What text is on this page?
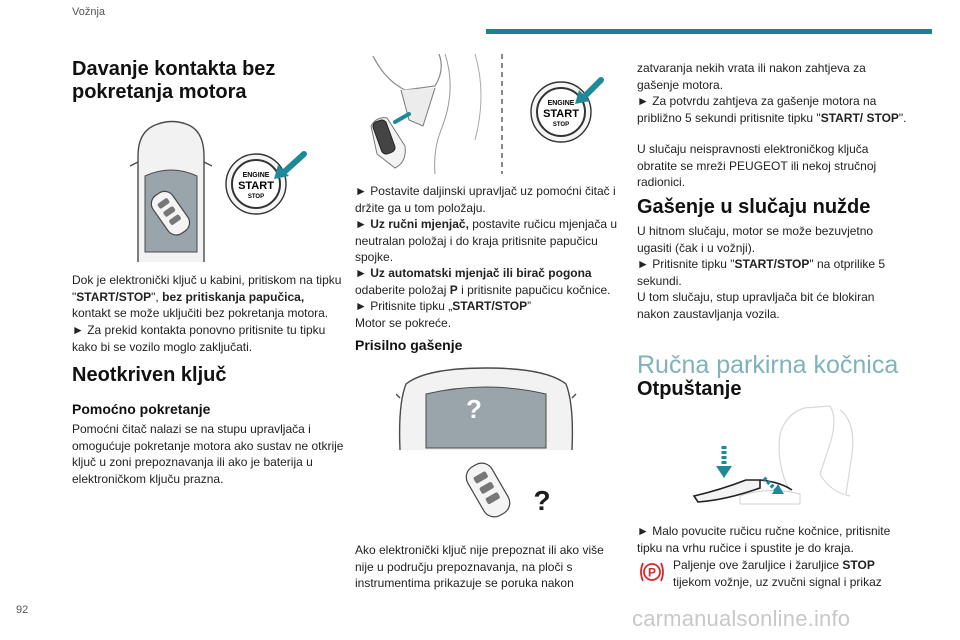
Vožnja
92	carmanualsonline.info
Davanje kontakta bez pokretanja motora
ENGINE
START
STOP

Dok je elektronički ključ u kabini, pritiskom na tipku "START/STOP", bez pritiskanja papučica, kontakt se može uključiti bez pokretanja motora.

► Za prekid kontakta ponovno pritisnite tu tipku kako bi se vozilo moglo zaključati.

Neotkriven ključ
Pomoćno pokretanje

Pomoćni čitač nalazi se na stupu upravljača i omogućuje pokretanje motora ako sustav ne otkrije ključ u zoni prepoznavanja ili ako je baterija u elektroničkom ključu prazna.

ENGINE
START
STOP

► Postavite daljinski upravljač uz pomoćni čitač i držite ga u tom položaju.

► Uz ručni mjenjač, postavite ručicu mjenjača u neutralan položaj i do kraja pritisnite papučicu spojke.

► Uz automatski mjenjač ili birač pogona odaberite položaj P i pritisnite papučicu kočnice.

► Pritisnite tipku „START/STOP”

Motor se pokreće.

Prisilno gašenje
?
?

Ako elektronički ključ nije prepoznat ili ako više nije u području prepoznavanja, na ploči s instrumentima prikazuje se poruka nakon

zatvaranja nekih vrata ili nakon zahtjeva za gašenje motora.

► Za potvrdu zahtjeva za gašenje motora na približno 5 sekundi pritisnite tipku "START/ STOP".

U slučaju neispravnosti elektroničkog ključa obratite se mreži PEUGEOT ili nekoj stručnoj radionici.

Gašenje u slučaju nužde

U hitnom slučaju, motor se može bezuvjetno ugasiti (čak i u vožnji).

► Pritisnite tipku "START/STOP" na otprilike 5 sekundi.

U tom slučaju, stup upravljača bit će blokiran nakon zaustavljanja vozila.

Ručna parkirna kočnica
Otpuštanje

► Malo povucite ručicu ručne kočnice, pritisnite tipku na vrhu ručice i spustite je do kraja.

P

Paljenje ove žaruljice i žaruljice STOP tijekom vožnje, uz zvučni signal i prikaz
